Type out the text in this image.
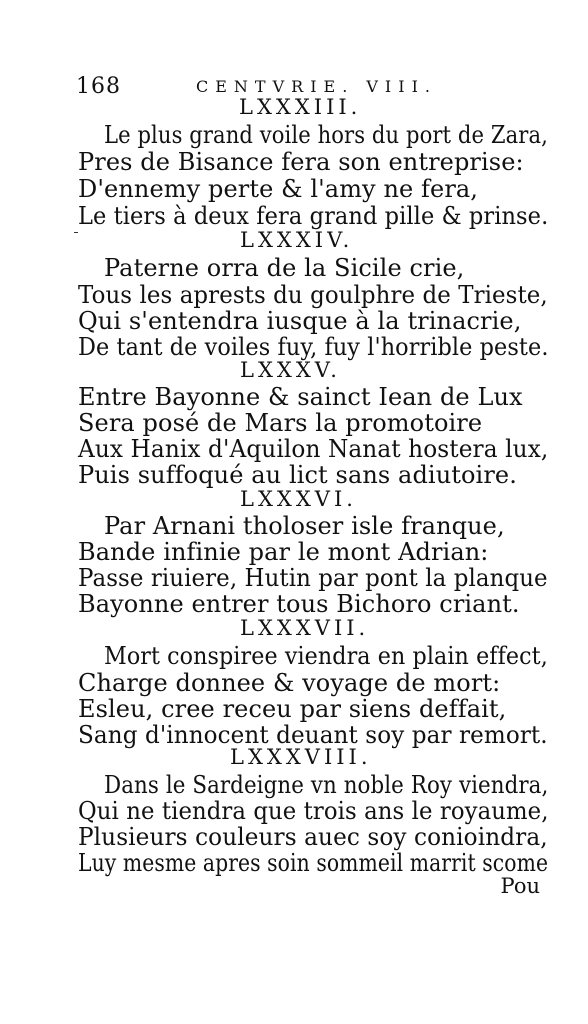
168	CENTVRIE. VIII.
LXXXIII.
Le plus grand voile hors du port de Zara,
Pres de Bisance fera son entreprise:
D'ennemy perte & l'amy ne fera,
Le tiers à deux fera grand pille & prinse.
LXXXIV.
Paterne orra de la Sicile crie,
Tous les aprests du goulphre de Trieste,
Qui s'entendra iusque à la trinacrie,
De tant de voiles fuy, fuy l'horrible peste.
LXXXV.
Entre Bayonne & sainct Iean de Lux
Sera posé de Mars la promotoire
Aux Hanix d'Aquilon Nanat hostera lux,
Puis suffoqué au lict sans adiutoire.
LXXXVI.
Par Arnani tholoser isle franque,
Bande infinie par le mont Adrian:
Passe riuiere, Hutin par pont la planque
Bayonne entrer tous Bichoro criant.
LXXXVII.
Mort conspiree viendra en plain effect,
Charge donnee & voyage de mort:
Esleu, cree receu par siens deffait,
Sang d'innocent deuant soy par remort.
LXXXVIII.
Dans le Sardeigne vn noble Roy viendra,
Qui ne tiendra que trois ans le royaume,
Plusieurs couleurs auec soy conioindra,
Luy mesme apres soin sommeil marrit scome
Pou
